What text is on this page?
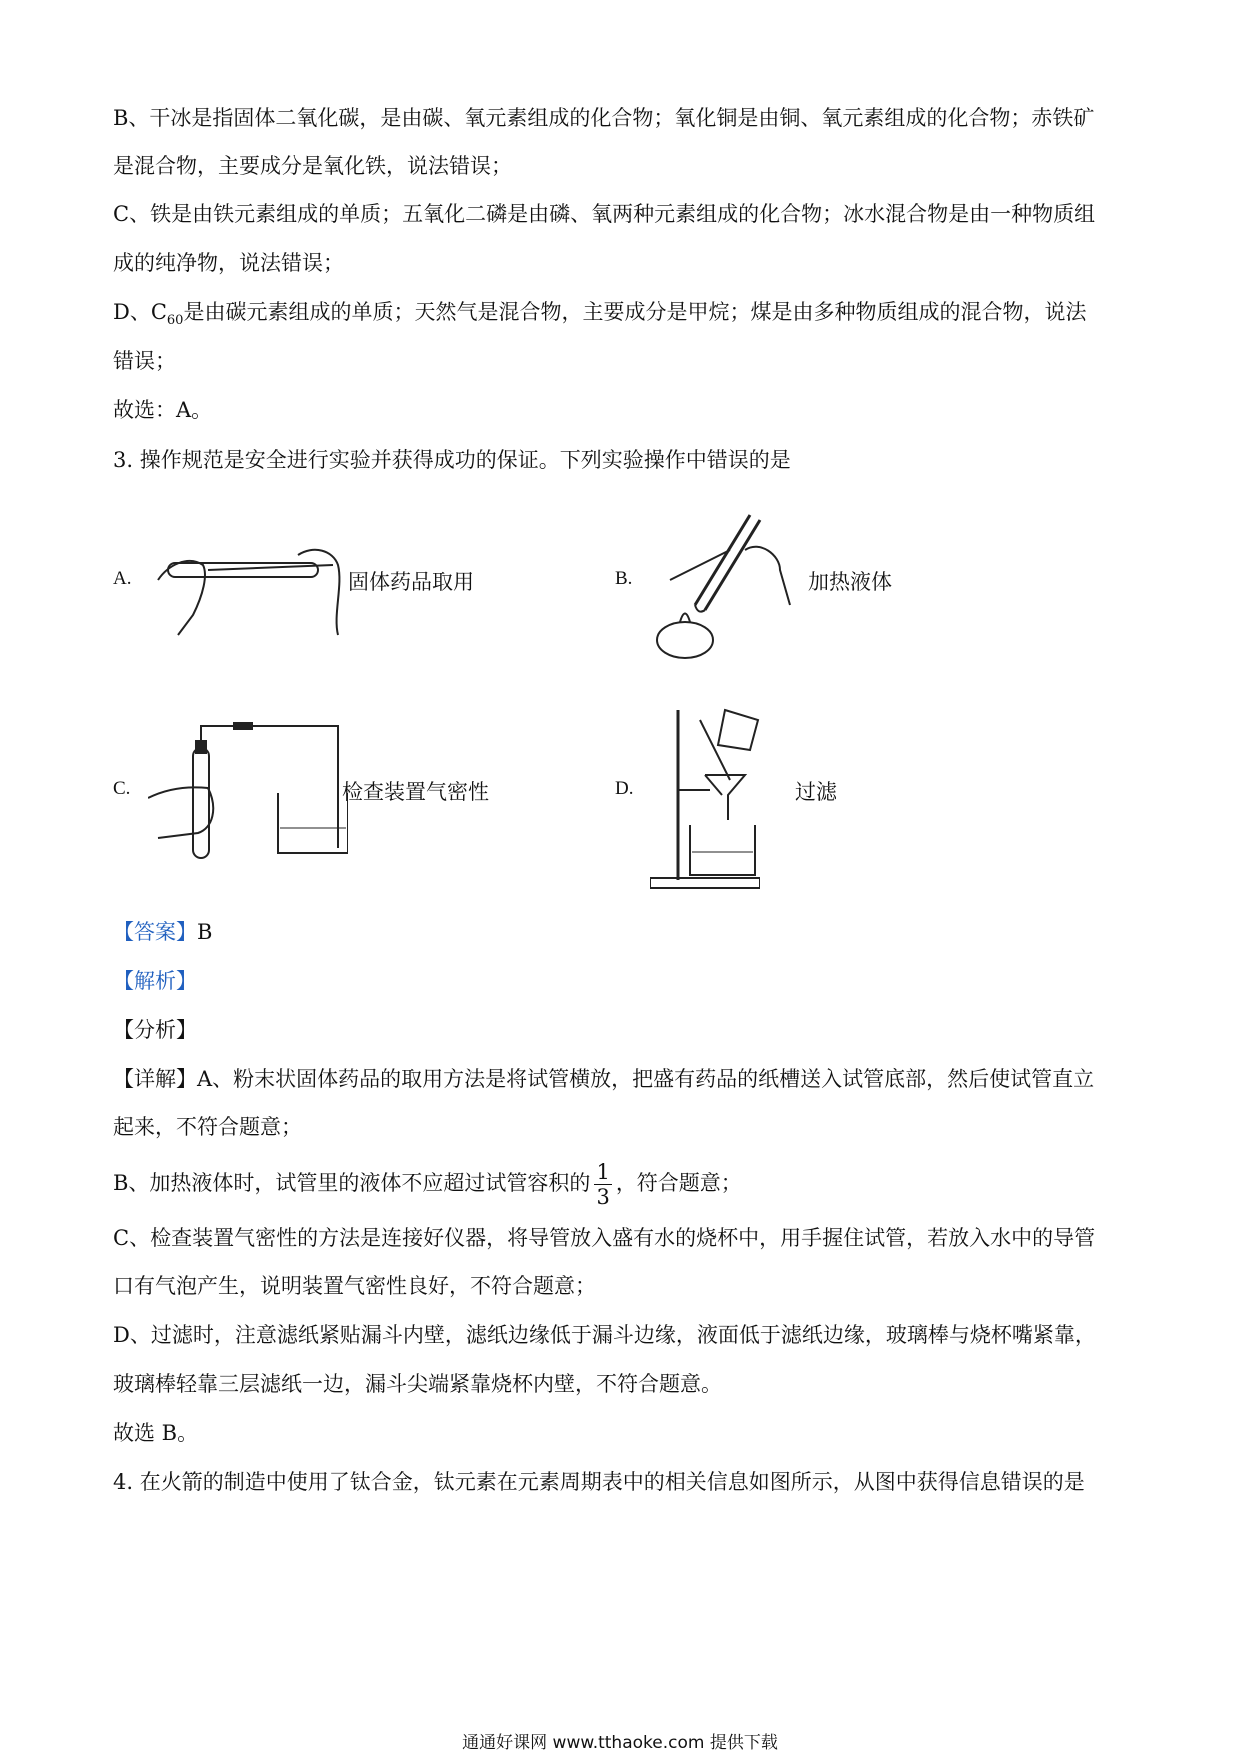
B、干冰是指固体二氧化碳，是由碳、氧元素组成的化合物；氧化铜是由铜、氧元素组成的化合物；赤铁矿
是混合物，主要成分是氧化铁，说法错误；
C、铁是由铁元素组成的单质；五氧化二磷是由磷、氧两种元素组成的化合物；冰水混合物是由一种物质组
成的纯净物，说法错误；
D、$C_{60}$是由碳元素组成的单质；天然气是混合物，主要成分是甲烷；煤是由多种物质组成的混合物，说法
错误；
故选：A。
3. 操作规范是安全进行实验并获得成功的保证。下列实验操作中错误的是
A.	固体药品取用	B.	加热液体
C.	检查装置气密性	D.	过滤
【答案】B
【解析】
【分析】
【详解】A、粉末状固体药品的取用方法是将试管横放，把盛有药品的纸槽送入试管底部，然后使试管直立
起来，不符合题意；
B、加热液体时，试管里的液体不应超过试管容积的 $\frac{1}{3}$ ，符合题意；
C、检查装置气密性的方法是连接好仪器，将导管放入盛有水的烧杯中，用手握住试管，若放入水中的导管
口有气泡产生，说明装置气密性良好，不符合题意；
D、过滤时，注意滤纸紧贴漏斗内壁，滤纸边缘低于漏斗边缘，液面低于滤纸边缘，玻璃棒与烧杯嘴紧靠，
玻璃棒轻靠三层滤纸一边，漏斗尖端紧靠烧杯内壁，不符合题意。
故选 B。
4. 在火箭的制造中使用了钛合金，钛元素在元素周期表中的相关信息如图所示，从图中获得信息错误的是
通通好课网 www.tthaoke.com 提供下载
